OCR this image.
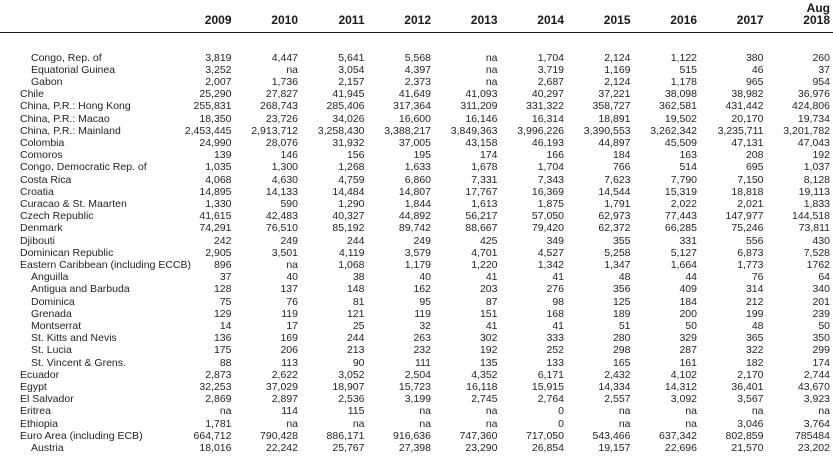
	2009	2010	2011	2012	2013	2014	2015	2016	2017	Aug
2018

Congo, Rep. of	3,819	4,447	5,641	5,568	na	1,704	2,124	1,122	380	260
Equatorial Guinea	3,252	na	3,054	4,397	na	3,719	1,169	515	46	37
Gabon	2,007	1,736	2,157	2,373	na	2,687	2,124	1,178	965	954
Chile	25,290	27,827	41,945	41,649	41,093	40,297	37,221	38,098	38,982	36,976
China, P.R.: Hong Kong	255,831	268,743	285,406	317,364	311,209	331,322	358,727	362,581	431,442	424,806
China, P.R.: Macao	18,350	23,726	34,026	16,600	16,146	16,314	18,891	19,502	20,170	19,734
China, P.R.: Mainland	2,453,445	2,913,712	3,258,430	3,388,217	3,849,363	3,996,226	3,390,553	3,262,342	3,235,711	3,201,782
Colombia	24,990	28,076	31,932	37,005	43,158	46,193	44,897	45,509	47,131	47,043
Comoros	139	146	156	195	174	166	184	163	208	192
Congo, Democratic Rep. of	1,035	1,300	1,268	1,633	1,678	1,704	766	514	695	1,037
Costa Rica	4,068	4,630	4,759	6,860	7,331	7,343	7,623	7,790	7,150	8,128
Croatia	14,895	14,133	14,484	14,807	17,767	16,369	14,544	15,319	18,818	19,113
Curacao & St. Maarten	1,330	590	1,290	1,844	1,613	1,875	1,791	2,022	2,021	1,833
Czech Republic	41,615	42,483	40,327	44,892	56,217	57,050	62,973	77,443	147,977	144,518
Denmark	74,291	76,510	85,192	89,742	88,667	79,420	62,372	66,285	75,246	73,811
Djibouti	242	249	244	249	425	349	355	331	556	430
Dominican Republic	2,905	3,501	4,119	3,579	4,701	4,527	5,258	5,127	6,873	7,528
Eastern Caribbean (including ECCB)	896	na	1,068	1,179	1,220	1,342	1,347	1,664	1,773	1762
Anguilla	37	40	38	40	41	41	48	44	76	64
Antigua and Barbuda	128	137	148	162	203	276	356	409	314	340
Dominica	75	76	81	95	87	98	125	184	212	201
Grenada	129	119	121	119	151	168	189	200	199	239
Montserrat	14	17	25	32	41	41	51	50	48	50
St. Kitts and Nevis	136	169	244	263	302	333	280	329	365	350
St. Lucia	175	206	213	232	192	252	298	287	322	299
St. Vincent & Grens.	88	113	90	111	135	133	165	161	182	174
Ecuador	2,873	2,622	3,052	2,504	4,352	6,171	2,432	4,102	2,170	2,744
Egypt	32,253	37,029	18,907	15,723	16,118	15,915	14,334	14,312	36,401	43,670
El Salvador	2,869	2,897	2,536	3,199	2,745	2,764	2,557	3,092	3,567	3,923
Eritrea	na	114	115	na	na	0	na	na	na	na
Ethiopia	1,781	na	na	na	na	0	na	na	3,046	3,764
Euro Area (including ECB)	664,712	790,428	886,171	916,636	747,360	717,050	543,466	637,342	802,859	785484
Austria	18,016	22,242	25,767	27,398	23,290	26,854	19,157	22,696	21,570	23,202
